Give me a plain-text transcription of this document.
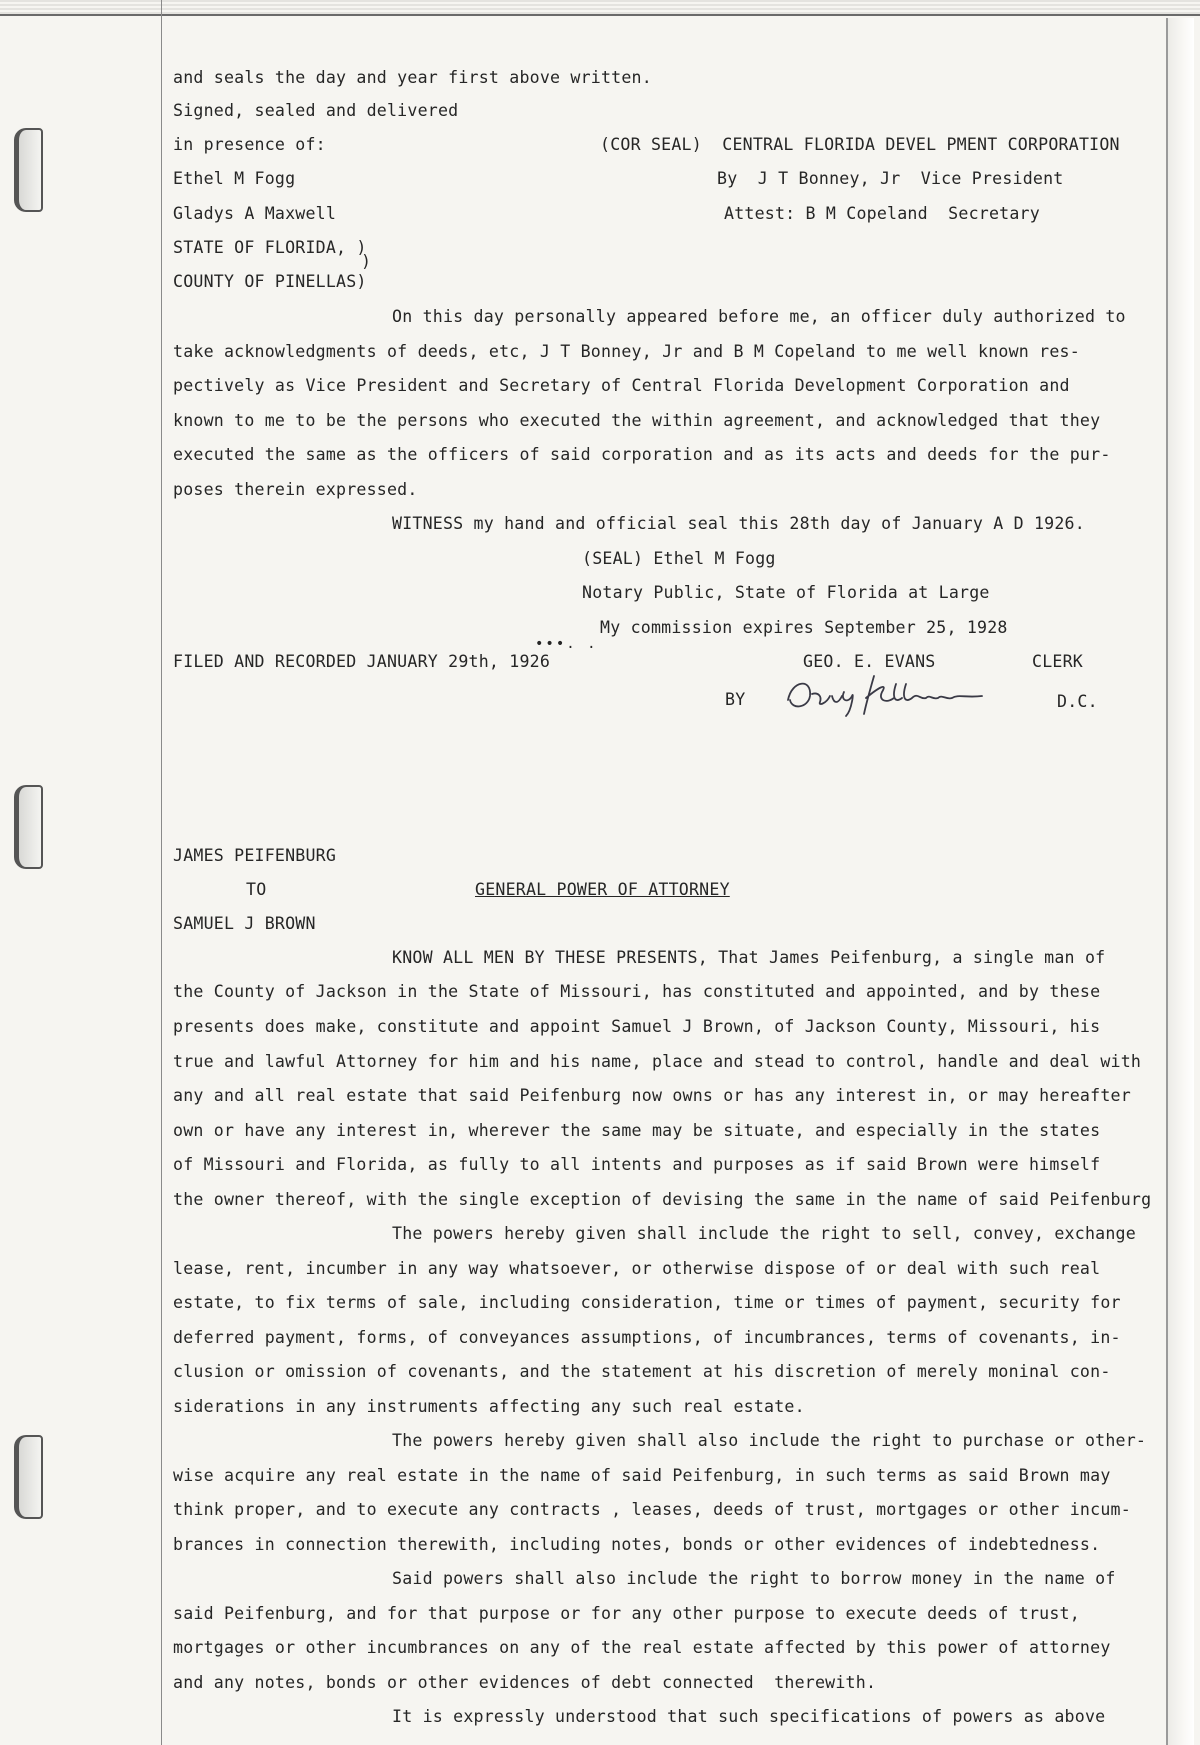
and seals the day and year first above written.
Signed, sealed and delivered
in presence of:	(COR SEAL)  CENTRAL FLORIDA DEVEL PMENT CORPORATION
Ethel M Fogg	By  J T Bonney, Jr  Vice President
Gladys A Maxwell	Attest: B M Copeland  Secretary
STATE OF FLORIDA, )
)
COUNTY OF PINELLAS)
On this day personally appeared before me, an officer duly authorized to
take acknowledgments of deeds, etc, J T Bonney, Jr and B M Copeland to me well known res-
pectively as Vice President and Secretary of Central Florida Development Corporation and
known to me to be the persons who executed the within agreement, and acknowledged that they
executed the same as the officers of said corporation and as its acts and deeds for the pur-
poses therein expressed.
WITNESS my hand and official seal this 28th day of January A D 1926.
(SEAL) Ethel M Fogg
Notary Public, State of Florida at Large
My commission expires September 25, 1928
•••. .
FILED AND RECORDED JANUARY 29th, 1926	GEO. E. EVANS	CLERK
BY	D.C.
JAMES PEIFENBURG
TO	GENERAL POWER OF ATTORNEY
SAMUEL J BROWN
KNOW ALL MEN BY THESE PRESENTS, That James Peifenburg, a single man of
the County of Jackson in the State of Missouri, has constituted and appointed, and by these
presents does make, constitute and appoint Samuel J Brown, of Jackson County, Missouri, his
true and lawful Attorney for him and his name, place and stead to control, handle and deal with
any and all real estate that said Peifenburg now owns or has any interest in, or may hereafter
own or have any interest in, wherever the same may be situate, and especially in the states
of Missouri and Florida, as fully to all intents and purposes as if said Brown were himself
the owner thereof, with the single exception of devising the same in the name of said Peifenburg
The powers hereby given shall include the right to sell, convey, exchange
lease, rent, incumber in any way whatsoever, or otherwise dispose of or deal with such real
estate, to fix terms of sale, including consideration, time or times of payment, security for
deferred payment, forms, of conveyances assumptions, of incumbrances, terms of covenants, in-
clusion or omission of covenants, and the statement at his discretion of merely moninal con-
siderations in any instruments affecting any such real estate.
The powers hereby given shall also include the right to purchase or other-
wise acquire any real estate in the name of said Peifenburg, in such terms as said Brown may
think proper, and to execute any contracts , leases, deeds of trust, mortgages or other incum-
brances in connection therewith, including notes, bonds or other evidences of indebtedness.
Said powers shall also include the right to borrow money in the name of
said Peifenburg, and for that purpose or for any other purpose to execute deeds of trust,
mortgages or other incumbrances on any of the real estate affected by this power of attorney
and any notes, bonds or other evidences of debt connected  therewith.
It is expressly understood that such specifications of powers as above
